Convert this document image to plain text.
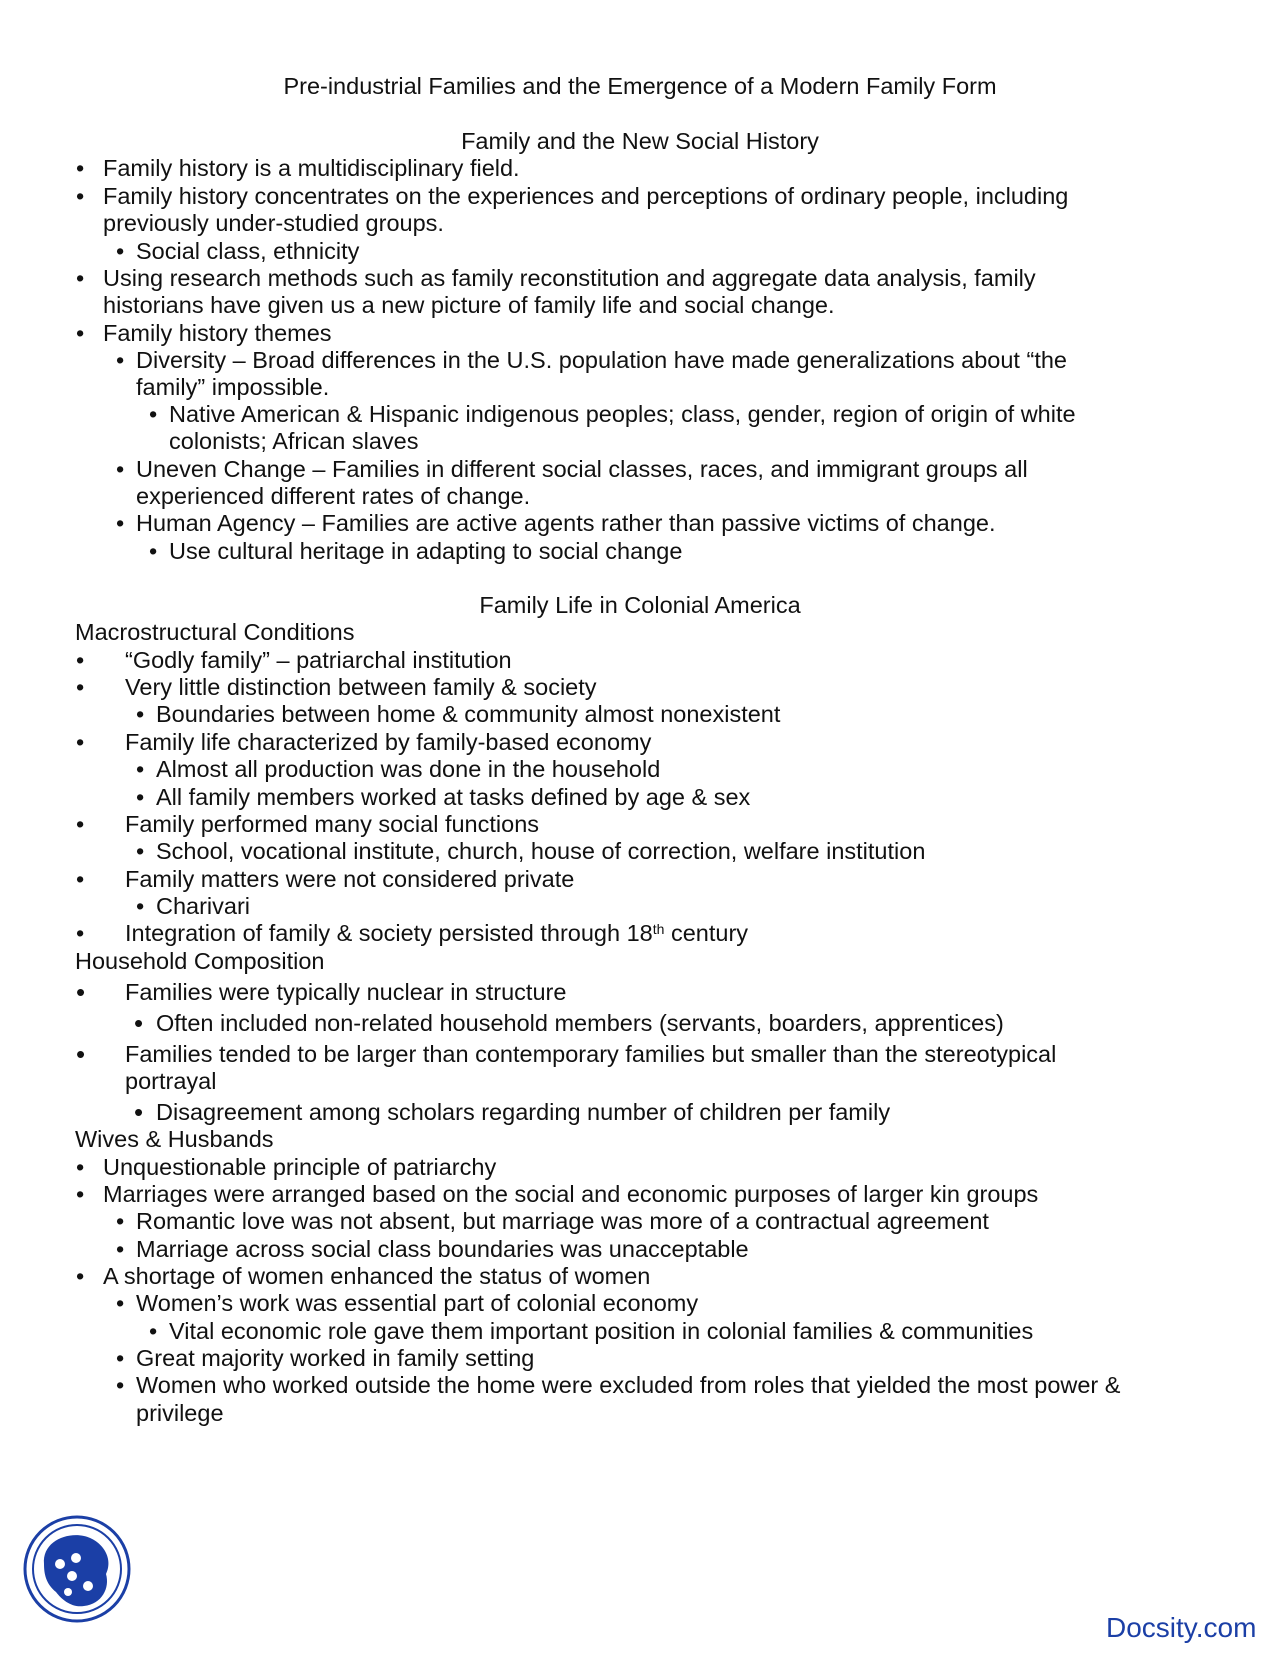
Pre-industrial Families and the Emergence of a Modern Family Form
Family and the New Social History
• Family history is a multidisciplinary field.
• Family history concentrates on the experiences and perceptions of ordinary people, including
previously under-studied groups.
• Social class, ethnicity
• Using research methods such as family reconstitution and aggregate data analysis, family
historians have given us a new picture of family life and social change.
• Family history themes
• Diversity – Broad differences in the U.S. population have made generalizations about “the
family” impossible.
• Native American & Hispanic indigenous peoples; class, gender, region of origin of white
colonists; African slaves
• Uneven Change – Families in different social classes, races, and immigrant groups all
experienced different rates of change.
• Human Agency – Families are active agents rather than passive victims of change.
• Use cultural heritage in adapting to social change
Family Life in Colonial America
Macrostructural Conditions
• “Godly family” – patriarchal institution
• Very little distinction between family & society
• Boundaries between home & community almost nonexistent
• Family life characterized by family-based economy
• Almost all production was done in the household
• All family members worked at tasks defined by age & sex
• Family performed many social functions
• School, vocational institute, church, house of correction, welfare institution
• Family matters were not considered private
• Charivari
• Integration of family & society persisted through 18th century
Household Composition
• Families were typically nuclear in structure
• Often included non-related household members (servants, boarders, apprentices)
• Families tended to be larger than contemporary families but smaller than the stereotypical
portrayal
• Disagreement among scholars regarding number of children per family
Wives & Husbands
• Unquestionable principle of patriarchy
• Marriages were arranged based on the social and economic purposes of larger kin groups
• Romantic love was not absent, but marriage was more of a contractual agreement
• Marriage across social class boundaries was unacceptable
• A shortage of women enhanced the status of women
• Women’s work was essential part of colonial economy
• Vital economic role gave them important position in colonial families & communities
• Great majority worked in family setting
• Women who worked outside the home were excluded from roles that yielded the most power &
privilege
Docsity.com
